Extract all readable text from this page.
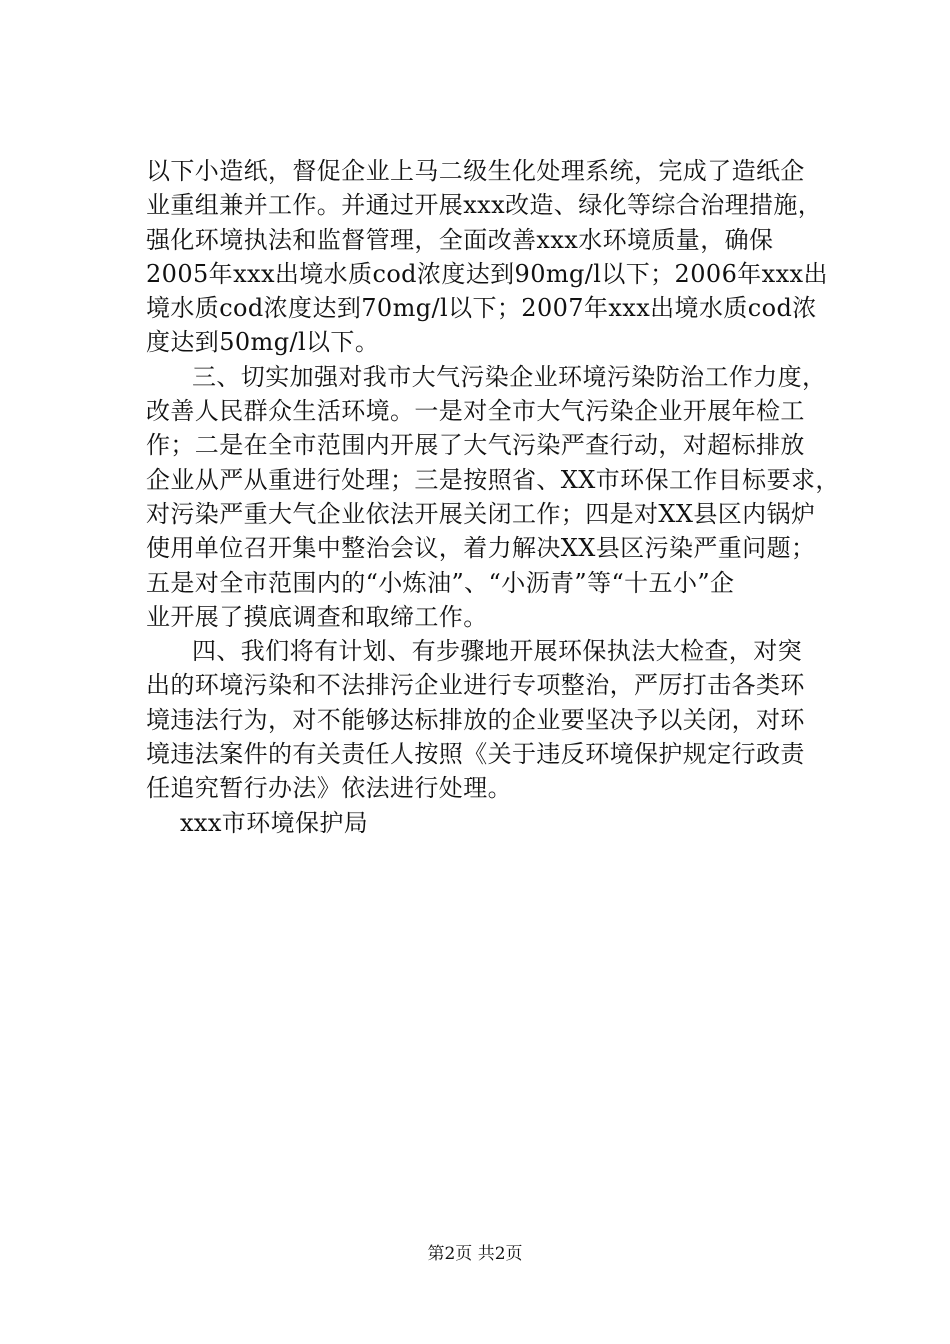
以下小造纸，督促企业上马二级生化处理系统，完成了造纸企
业重组兼并工作。并通过开展xxx改造、绿化等综合治理措施，
强化环境执法和监督管理，全面改善xxx水环境质量，确保
2005年xxx出境水质cod浓度达到90mg/l以下；2006年xxx出
境水质cod浓度达到70mg/l以下；2007年xxx出境水质cod浓
度达到50mg/l以下。
三、切实加强对我市大气污染企业环境污染防治工作力度，
改善人民群众生活环境。一是对全市大气污染企业开展年检工
作；二是在全市范围内开展了大气污染严查行动，对超标排放
企业从严从重进行处理；三是按照省、XX市环保工作目标要求，
对污染严重大气企业依法开展关闭工作；四是对XX县区内锅炉
使用单位召开集中整治会议，着力解决XX县区污染严重问题；
五是对全市范围内的“小炼油”、“小沥青”等“十五小”企
业开展了摸底调查和取缔工作。
四、我们将有计划、有步骤地开展环保执法大检查，对突
出的环境污染和不法排污企业进行专项整治，严厉打击各类环
境违法行为，对不能够达标排放的企业要坚决予以关闭，对环
境违法案件的有关责任人按照《关于违反环境保护规定行政责
任追究暂行办法》依法进行处理。
xxx市环境保护局
第2页 共2页
